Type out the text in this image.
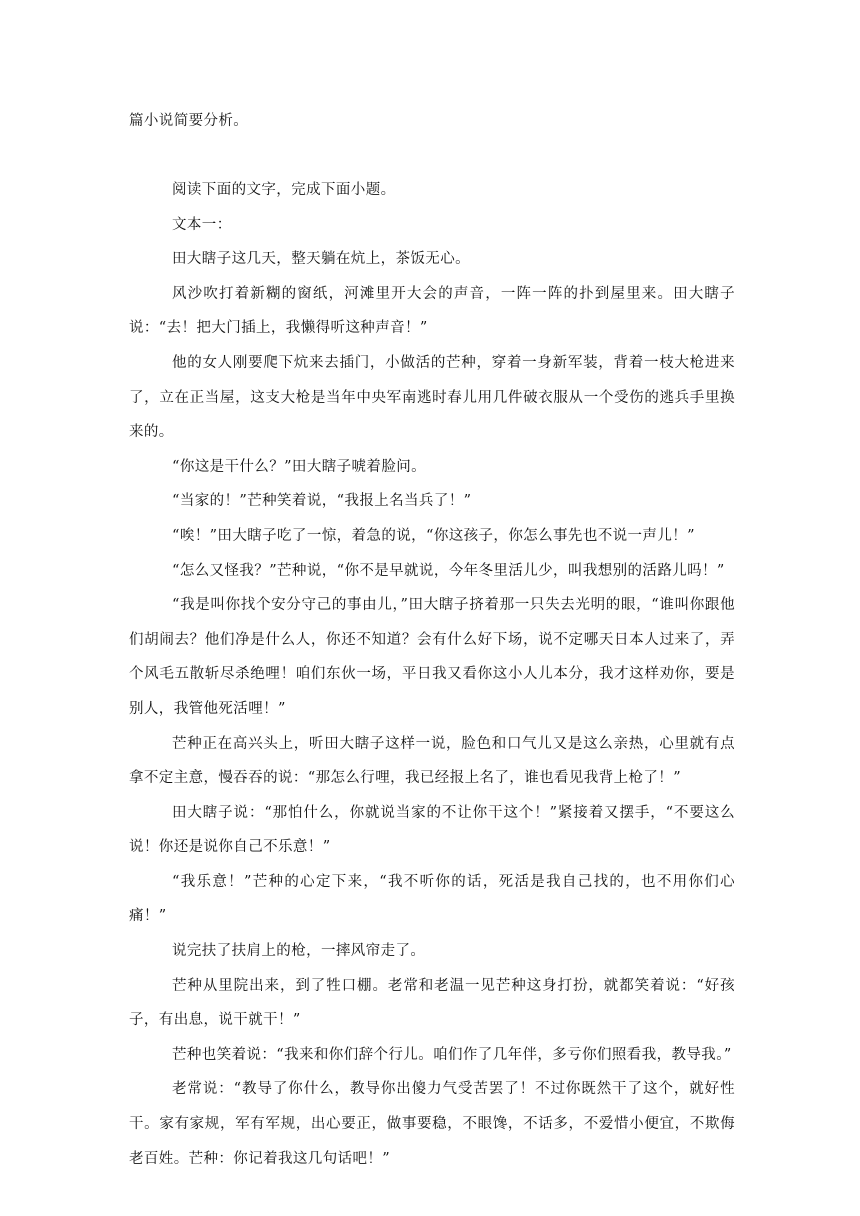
篇小说简要分析。

阅读下面的文字，完成下面小题。

文本一：

田大瞎子这几天，整天躺在炕上，茶饭无心。

风沙吹打着新糊的窗纸，河滩里开大会的声音，一阵一阵的扑到屋里来。田大瞎子说：“去！把大门插上，我懒得听这种声音！”

他的女人刚要爬下炕来去插门，小做活的芒种，穿着一身新军装，背着一枝大枪进来了，立在正当屋，这支大枪是当年中央军南逃时春儿用几件破衣服从一个受伤的逃兵手里换来的。

“你这是干什么？”田大瞎子唬着脸问。

“当家的！”芒种笑着说，“我报上名当兵了！”

“唉！”田大瞎子吃了一惊，着急的说，“你这孩子，你怎么事先也不说一声儿！”

“怎么又怪我？”芒种说，“你不是早就说，今年冬里活儿少，叫我想别的活路儿吗！”

“我是叫你找个安分守己的事由儿，”田大瞎子挤着那一只失去光明的眼，“谁叫你跟他们胡闹去？他们净是什么人，你还不知道？会有什么好下场，说不定哪天日本人过来了，弄个风毛五散斩尽杀绝哩！咱们东伙一场，平日我又看你这小人儿本分，我才这样劝你，要是别人，我管他死活哩！”

芒种正在高兴头上，听田大瞎子这样一说，脸色和口气儿又是这么亲热，心里就有点拿不定主意，慢吞吞的说：“那怎么行哩，我已经报上名了，谁也看见我背上枪了！”

田大瞎子说：“那怕什么，你就说当家的不让你干这个！”紧接着又摆手，“不要这么说！你还是说你自己不乐意！”

“我乐意！”芒种的心定下来，“我不听你的话，死活是我自己找的，也不用你们心痛！”

说完扶了扶肩上的枪，一摔风帘走了。

芒种从里院出来，到了牲口棚。老常和老温一见芒种这身打扮，就都笑着说：“好孩子，有出息，说干就干！”

芒种也笑着说：“我来和你们辞个行儿。咱们作了几年伴，多亏你们照看我，教导我。”

老常说：“教导了你什么，教导你出傻力气受苦罢了！不过你既然干了这个，就好性干。家有家规，军有军规，出心要正，做事要稳，不眼馋，不话多，不爱惜小便宜，不欺侮老百姓。芒种：你记着我这几句话吧！”
